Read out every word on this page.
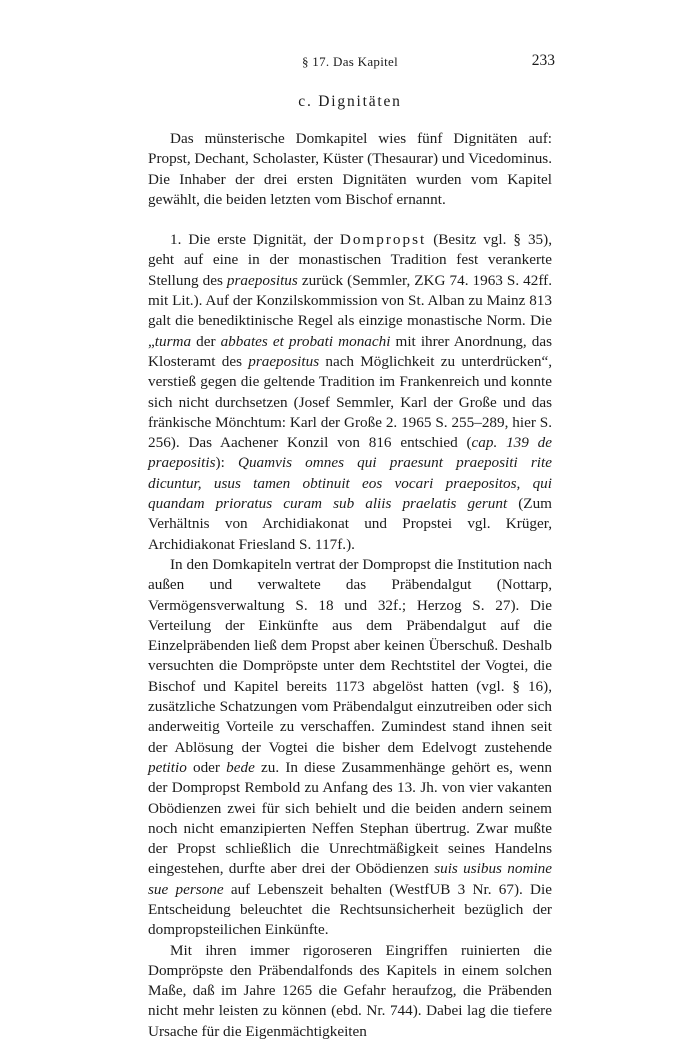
§ 17. Das Kapitel	233
c. Dignitäten

Das münsterische Domkapitel wies fünf Dignitäten auf: Propst, Dechant, Scholaster, Küster (Thesaurar) und Vicedominus. Die Inhaber der drei ersten Dignitäten wurden vom Kapitel gewählt, die beiden letzten vom Bischof ernannt.

1. Die erste Dignität, der Dompropst (Besitz vgl. § 35), geht auf eine in der monastischen Tradition fest verankerte Stellung des praepositus zurück (Semmler, ZKG 74. 1963 S. 42ff. mit Lit.). Auf der Konzilskommission von St. Alban zu Mainz 813 galt die benediktinische Regel als einzige monastische Norm. Die „turma der abbates et probati monachi mit ihrer Anordnung, das Klosteramt des praepositus nach Möglichkeit zu unterdrücken“, verstieß gegen die geltende Tradition im Frankenreich und konnte sich nicht durchsetzen (Josef Semmler, Karl der Große und das fränkische Mönchtum: Karl der Große 2. 1965 S. 255–289, hier S. 256). Das Aachener Konzil von 816 entschied (cap. 139 de praepositis): Quamvis omnes qui praesunt praepositi rite dicuntur, usus tamen obtinuit eos vocari praepositos, qui quandam prioratus curam sub aliis praelatis gerunt (Zum Verhältnis von Archidiakonat und Propstei vgl. Krüger, Archidiakonat Friesland S. 117f.).

In den Domkapiteln vertrat der Dompropst die Institution nach außen und verwaltete das Präbendalgut (Nottarp, Vermögensverwaltung S. 18 und 32f.; Herzog S. 27). Die Verteilung der Einkünfte aus dem Präbendalgut auf die Einzelpräbenden ließ dem Propst aber keinen Überschuß. Deshalb versuchten die Dompröpste unter dem Rechtstitel der Vogtei, die Bischof und Kapitel bereits 1173 abgelöst hatten (vgl. § 16), zusätzliche Schatzungen vom Präbendalgut einzutreiben oder sich anderweitig Vorteile zu verschaffen. Zumindest stand ihnen seit der Ablösung der Vogtei die bisher dem Edelvogt zustehende petitio oder bede zu. In diese Zusammenhänge gehört es, wenn der Dompropst Rembold zu Anfang des 13. Jh. von vier vakanten Obödienzen zwei für sich behielt und die beiden andern seinem noch nicht emanzipierten Neffen Stephan übertrug. Zwar mußte der Propst schließlich die Unrechtmäßigkeit seines Handelns eingestehen, durfte aber drei der Obödienzen suis usibus nomine sue persone auf Lebenszeit behalten (WestfUB 3 Nr. 67). Die Entscheidung beleuchtet die Rechtsunsicherheit bezüglich der dompropsteilichen Einkünfte.

Mit ihren immer rigoroseren Eingriffen ruinierten die Dompröpste den Präbendalfonds des Kapitels in einem solchen Maße, daß im Jahre 1265 die Gefahr heraufzog, die Präbenden nicht mehr leisten zu können (ebd. Nr. 744). Dabei lag die tiefere Ursache für die Eigenmächtigkeiten
